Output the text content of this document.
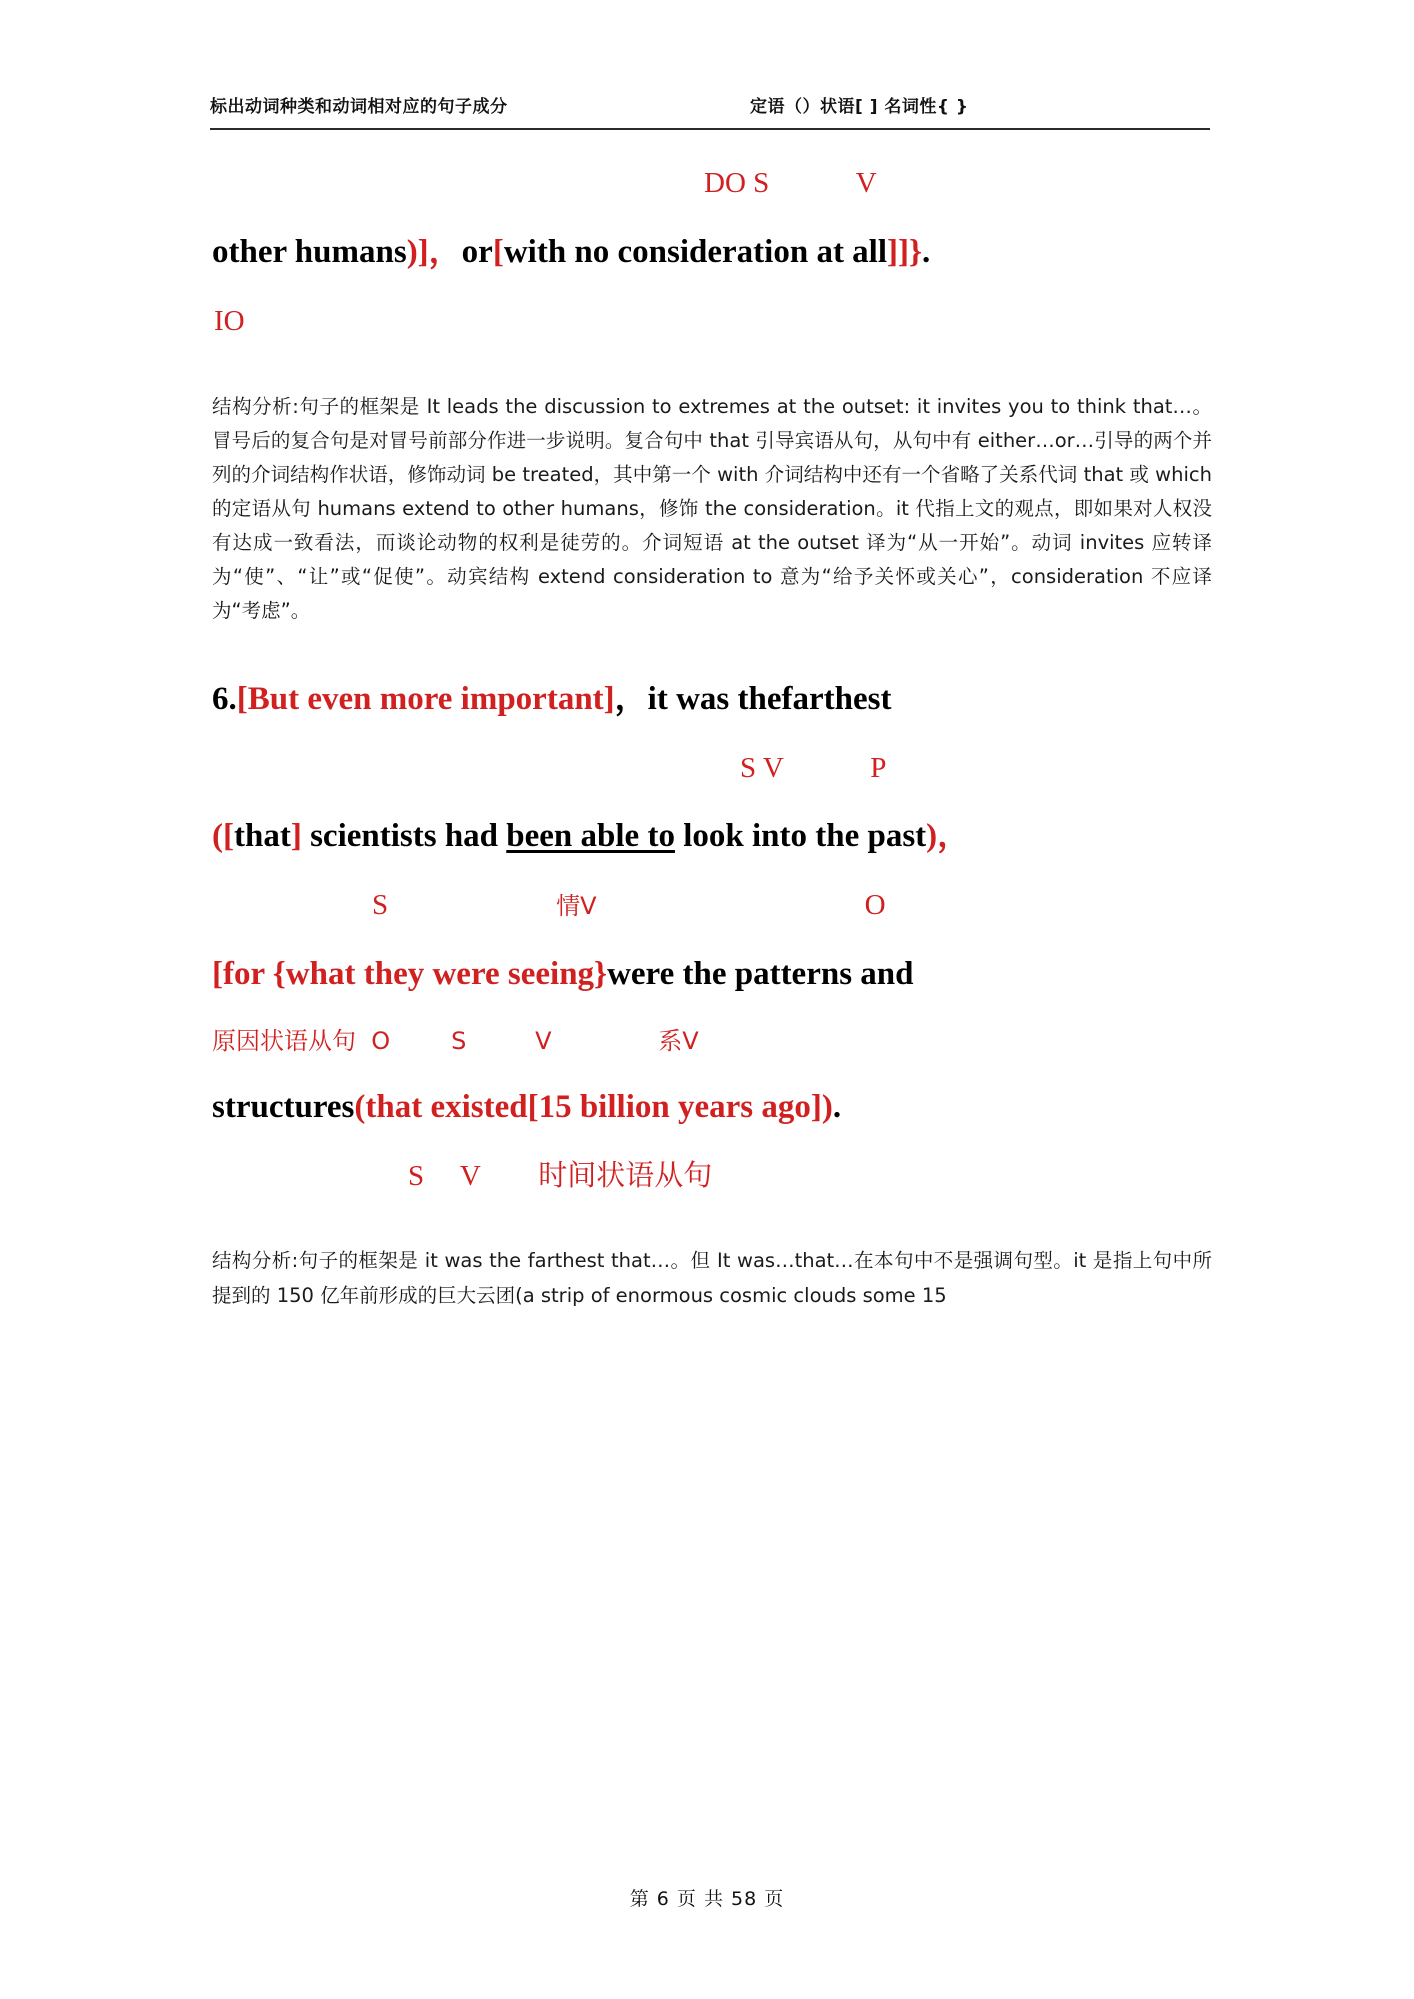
标出动词种类和动词相对应的句子成分	定语（）状语[ ] 名词性{ }

DO S            V

other humans)]，or[with no consideration at all]]}.

IO

结构分析:句子的框架是 It leads the discussion to extremes at the outset: it invites you to think that…。冒号后的复合句是对冒号前部分作进一步说明。复合句中 that 引导宾语从句，从句中有 either…or…引导的两个并列的介词结构作状语，修饰动词 be treated，其中第一个 with 介词结构中还有一个省略了关系代词 that 或 which 的定语从句 humans extend to other humans，修饰 the consideration。it 代指上文的观点，即如果对人权没有达成一致看法，而谈论动物的权利是徒劳的。介词短语 at the outset 译为“从一开始”。动词 invites 应转译为“使”、“让”或“促使”。动宾结构 extend consideration to 意为“给予关怀或关心”，consideration 不应译为“考虑”。

6.[But even more important]，it was thefarthest

S V            P

([that] scientists had been able to look into the past)，

S	情V	O

[for {what they were seeing}were the patterns and

原因状语从句  O        S         V              系V

structures(that existed[15 billion years ago]).

S     V        时间状语从句

结构分析:句子的框架是 it was the farthest that…。但 It was…that…在本句中不是强调句型。it 是指上句中所提到的 150 亿年前形成的巨大云团(a strip of enormous cosmic clouds some 15

第 6 页 共 58 页
